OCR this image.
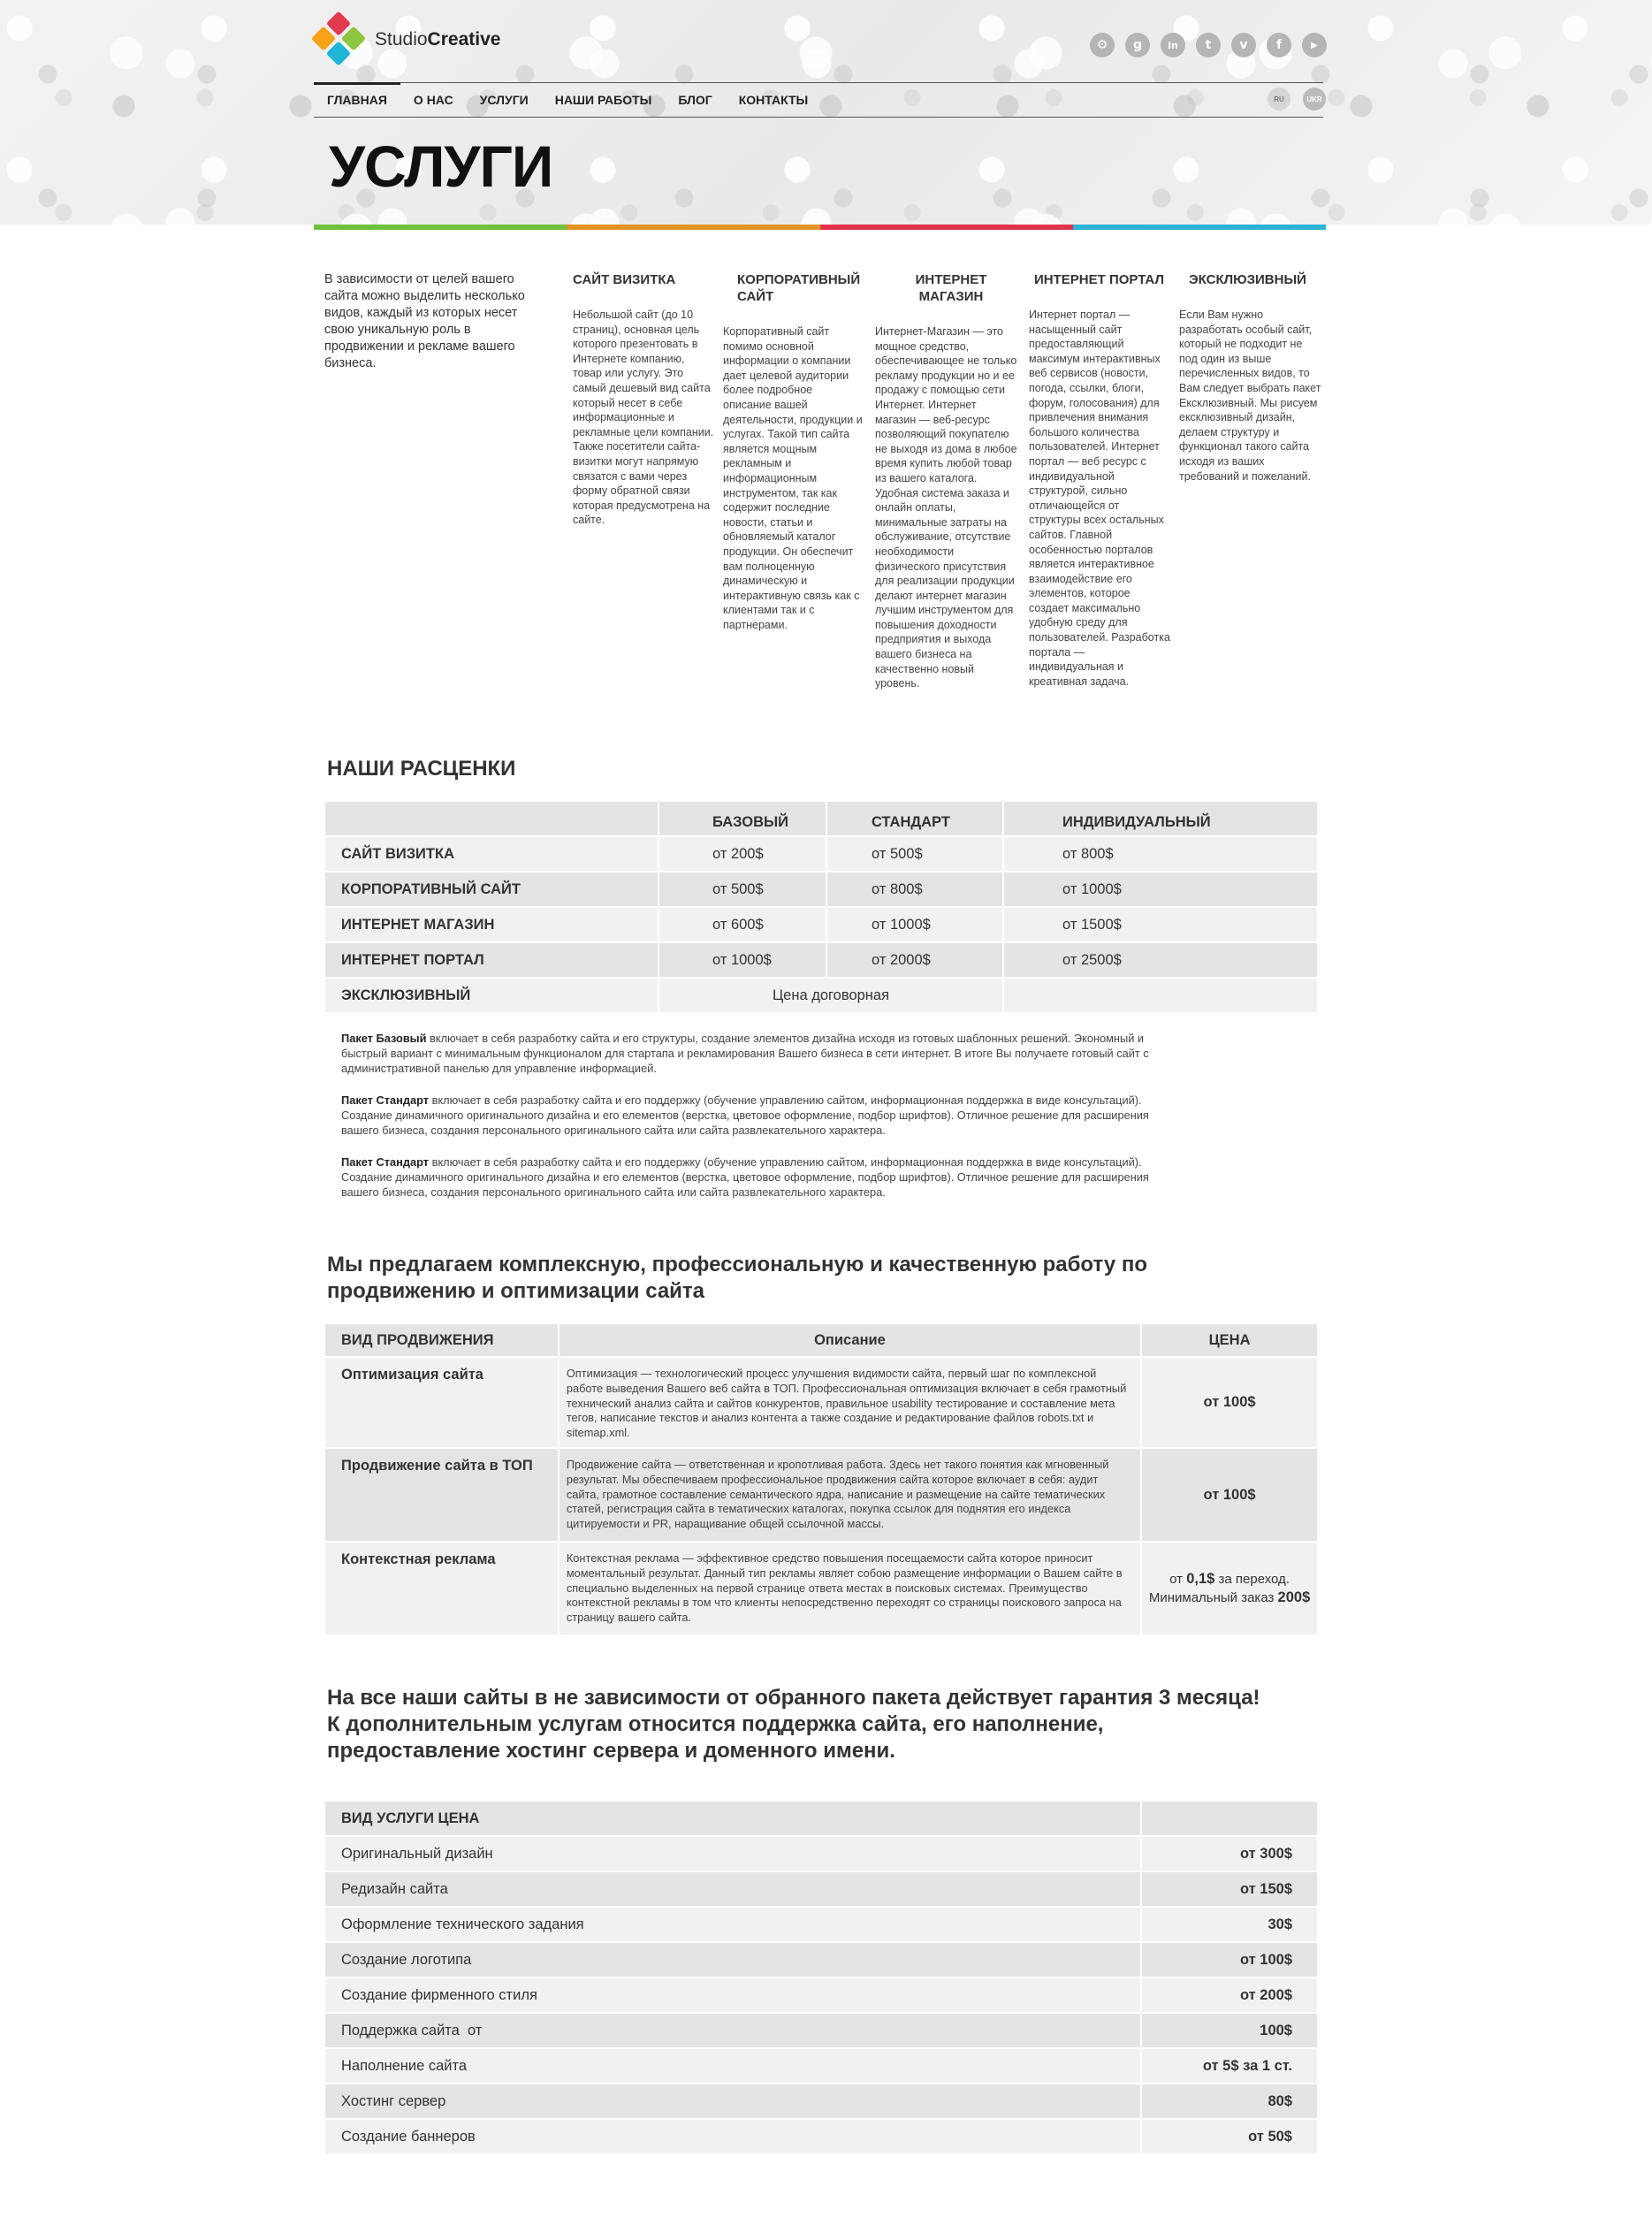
StudioCreative	⚙	g	in	t	v	f	▶
ГЛАВНАЯ	О НАС	УСЛУГИ	НАШИ РАБОТЫ	БЛОГ	КОНТАКТЫ	RU	UKR
УСЛУГИ

В зависимости от целей вашего сайта можно выделить несколько видов, каждый из которых несет свою уникальную роль в продвижении и рекламе вашего бизнеса.

САЙТ ВИЗИТКА

Небольшой сайт (до 10 страниц), основная цель которого презентовать в Интернете компанию, товар или услугу. Это самый дешевый вид сайта который несет в себе информационные и рекламные цели компании. Также посетители сайта-визитки могут напрямую связатся с вами через форму обратной связи которая предусмотрена на сайте.

КОРПОРАТИВНЫЙ САЙТ

Корпоративный сайт помимо основной информации о компании дает целевой аудитории более подробное описание вашей деятельности, продукции и услугах. Такой тип сайта является мощным рекламным и информационным инструментом, так как содержит последние новости, статьи и обновляемый каталог продукции. Он обеспечит вам полноценную динамическую и интерактивную связь как с клиентами так и с партнерами.

ИНТЕРНЕТ МАГАЗИН

Интернет-Магазин — это мощное средство, обеспечивающее не только рекламу продукции но и ее продажу с помощью сети Интернет. Интернет магазин — веб-ресурс позволяющий покупателю не выходя из дома в любое время купить любой товар из вашего каталога. Удобная система заказа и онлайн оплаты, минимальные затраты на обслуживание, отсутствие необходимости физического присутствия для реализации продукции делают интернет магазин лучшим инструментом для повышения доходности предприятия и выхода вашего бизнеса на качественно новый уровень.

ИНТЕРНЕТ ПОРТАЛ

Интернет портал — насыщенный сайт предоставляющий максимум интерактивных веб сервисов (новости, погода, ссылки, блоги, форум, голосования) для привлечения внимания большого количества пользователей. Интернет портал — веб ресурс с индивидуальной структурой, сильно отличающейся от структуры всех остальных сайтов. Главной особенностью порталов является интерактивное взаимодействие его элементов, которое создает максимально удобную среду для пользователей. Разработка портала — индивидуальная и креативная задача.

ЭКСКЛЮЗИВНЫЙ

Если Вам нужно разработать особый сайт, который не подходит не под один из выше перечисленных видов, то Вам следует выбрать пакет Ексклюзивный. Мы рисуем ексклюзивный дизайн, делаем структуру и функционал такого сайта исходя из ваших требований и пожеланий.

НАШИ РАСЦЕНКИ
	БАЗОВЫЙ	СТАНДАРТ	ИНДИВИДУАЛЬНЫЙ
САЙТ ВИЗИТКА	от 200$	от 500$	от 800$
КОРПОРАТИВНЫЙ САЙТ	от 500$	от 800$	от 1000$
ИНТЕРНЕТ МАГАЗИН	от 600$	от 1000$	от 1500$
ИНТЕРНЕТ ПОРТАЛ	от 1000$	от 2000$	от 2500$
ЭКСКЛЮЗИВНЫЙ	Цена договорная		

Пакет Базовый включает в себя разработку сайта и его структуры, создание элементов дизайна исходя из готовых шаблонных решений. Экономный и быстрый вариант с минимальным функционалом для стартапа и рекламирования Вашего бизнеса в сети интернет. В итоге Вы получаете готовый сайт с административной панелью для управление информацией.

Пакет Стандарт включает в себя разработку сайта и его поддержку (обучение управлению сайтом, информационная поддержка в виде консультаций). Создание динамичного оригинального дизайна и его елементов (верстка, цветовое оформление, подбор шрифтов). Отличное решение для расширения вашего бизнеса, создания персонального оригинального сайта или сайта развлекательного характера.

Пакет Стандарт включает в себя разработку сайта и его поддержку (обучение управлению сайтом, информационная поддержка в виде консультаций). Создание динамичного оригинального дизайна и его елементов (верстка, цветовое оформление, подбор шрифтов). Отличное решение для расширения вашего бизнеса, создания персонального оригинального сайта или сайта развлекательного характера.

Мы предлагаем комплексную, профессиональную и качественную работу по продвижению и оптимизации сайта
ВИД ПРОДВИЖЕНИЯ	Описание	ЦЕНА
Оптимизация сайта	Оптимизация — технологический процесс улучшения видимости сайта, первый шаг по комплексной работе выведения Вашего веб сайта в ТОП. Профессиональная оптимизация включает в себя грамотный технический анализ сайта и сайтов конкурентов, правильное usability тестирование и составление мета тегов, написание текстов и анализ контента а также создание и редактирование файлов robots.txt и sitemap.xml.	от 100$
Продвижение сайта в ТОП	Продвижение сайта — ответственная и кропотливая работа. Здесь нет такого понятия как мгновенный результат. Мы обеспечиваем профессиональное продвижения сайта которое включает в себя: аудит сайта, грамотное составление семантического ядра, написание и размещение на сайте тематических статей, регистрация сайта в тематических каталогах, покупка ссылок для поднятия его индекса цитируемости и PR, наращивание общей ссылочной массы.	от 100$
Контекстная реклама	Контекстная реклама — эффективное средство повышения посещаемости сайта которое приносит моментальный результат. Данный тип рекламы являет собою размещение информации о Вашем сайте в специально выделенных на первой странице ответа местах в поисковых системах. Преимущество контекстной рекламы в том что клиенты непосредственно переходят со страницы поискового запроса на страницу вашего сайта.	от 0,1$ за переход. Минимальный заказ 200$
На все наши сайты в не зависимости от обранного пакета действует гарантия 3 месяца!
К дополнительным услугам относится поддержка сайта, его наполнение, предоставление хостинг сервера и доменного имени.
ВИД УСЛУГИ ЦЕНА	
Оригинальный дизайн	от 300$
Редизайн сайта	от 150$
Оформление технического задания	30$
Создание логотипа	от 100$
Создание фирменного стиля	от 200$
Поддержка сайта  от	100$
Наполнение сайта	от 5$ за 1 ст.
Хостинг сервер	80$
Создание баннеров	от 50$
